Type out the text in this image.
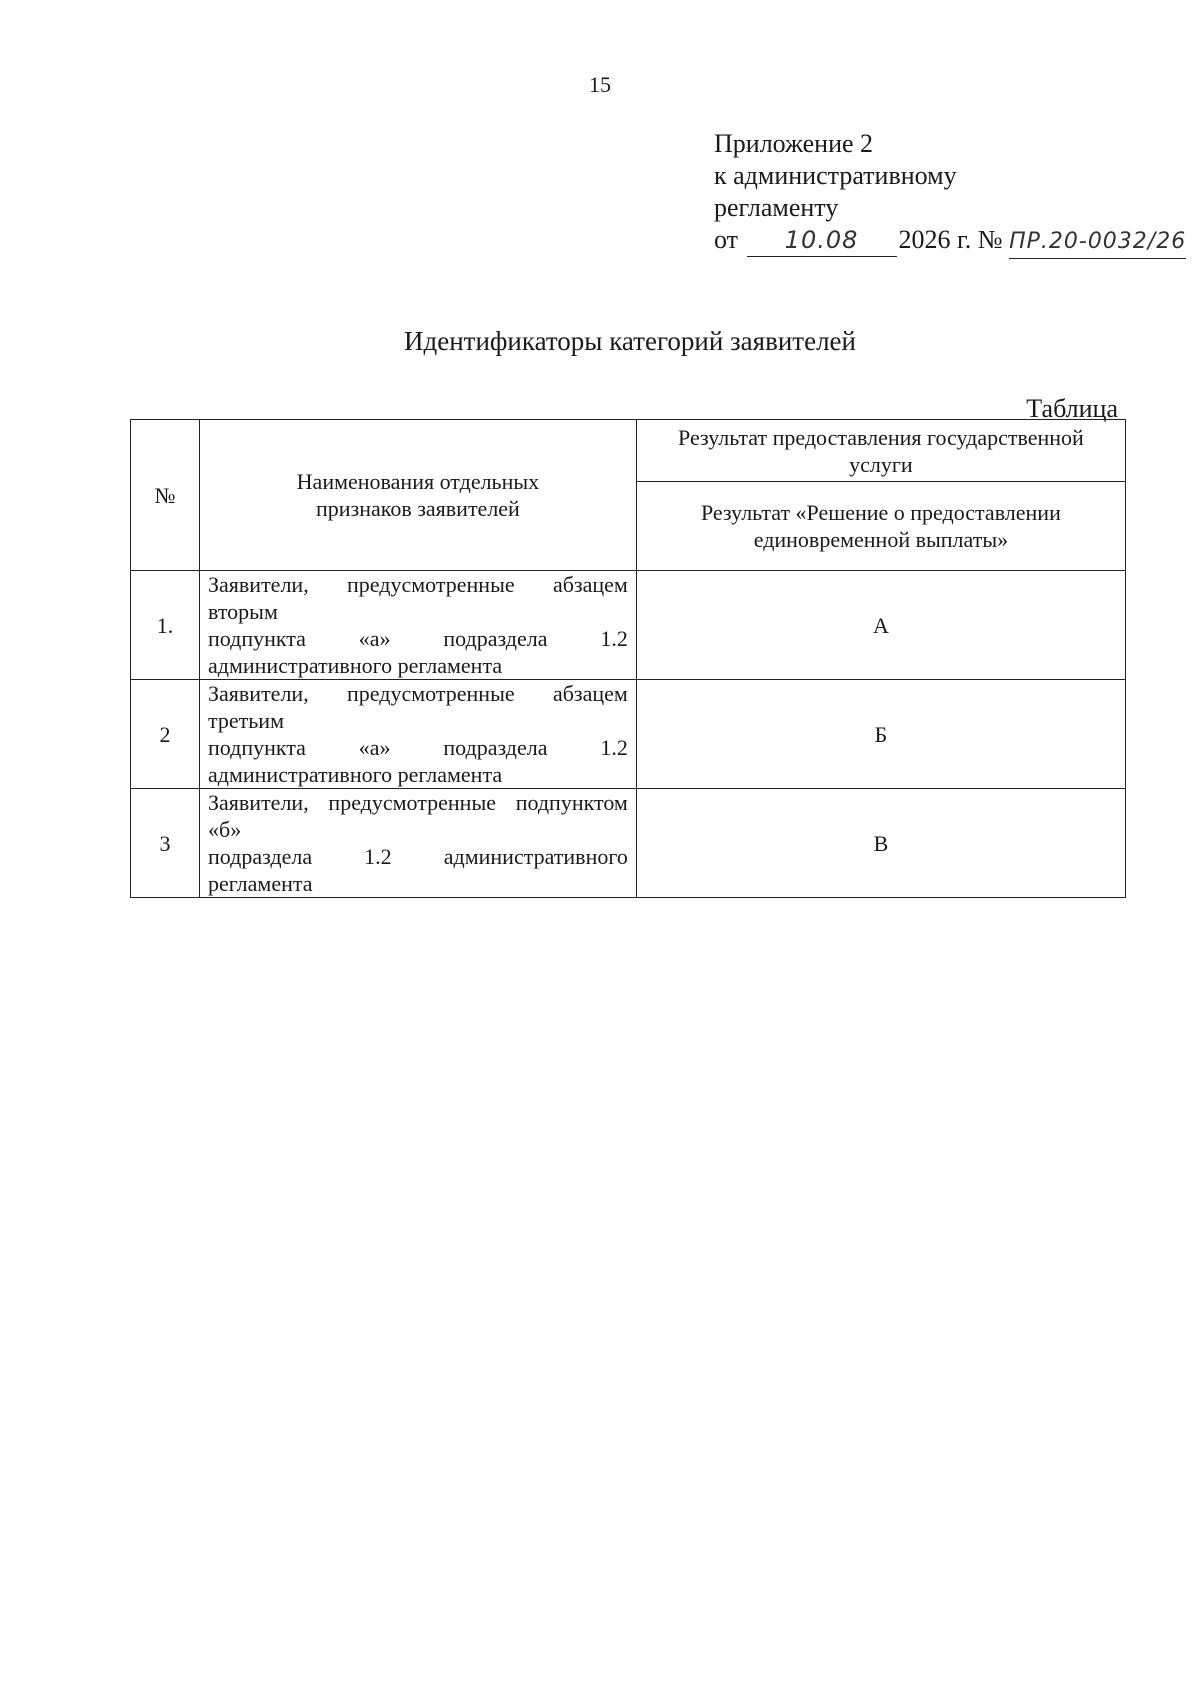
15
Приложение 2
к административному
регламенту
от 10.08 2026 г. № ПР.20-0032/26
Идентификаторы категорий заявителей
Таблица
№	Наименования отдельных признаков заявителей	Результат предоставления государственной услуги
		Результат «Решение о предоставлении единовременной выплаты»
1.	Заявители, предусмотренные абзацем вторым
подпункта «а» подраздела 1.2
административного регламента	А
2	Заявители, предусмотренные абзацем третьим
подпункта «а» подраздела 1.2
административного регламента	Б
3	Заявители, предусмотренные подпунктом «б»
подраздела 1.2 административного регламента	В
